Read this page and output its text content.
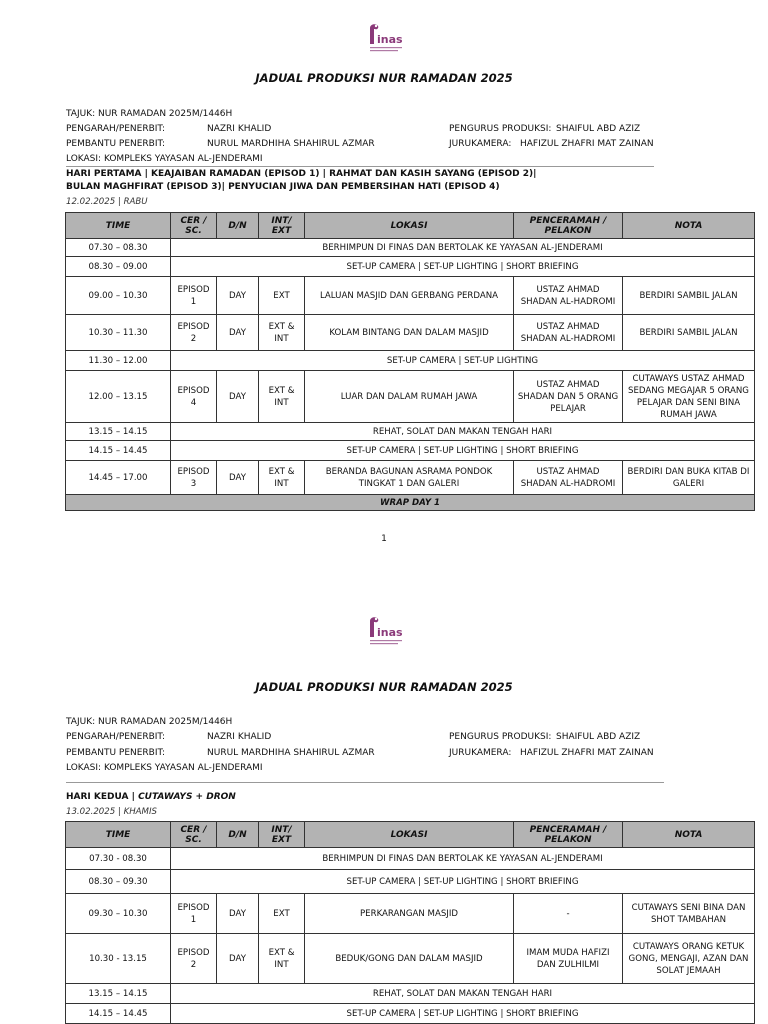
inas
JADUAL PRODUKSI NUR RAMADAN 2025
TAJUK: NUR RAMADAN 2025M/1446H
PENGARAH/PENERBIT:	NAZRI KHALID
PEMBANTU PENERBIT:	NURUL MARDHIHA SHAHIRUL AZMAR
LOKASI: KOMPLEKS YAYASAN AL-JENDERAMI
PENGURUS PRODUKSI: SHAIFUL ABD AZIZ
JURUKAMERA: HAFIZUL ZHAFRI MAT ZAINAN
HARI PERTAMA | KEAJAIBAN RAMADAN (EPISOD 1) | RAHMAT DAN KASIH SAYANG (EPISOD 2)|
BULAN MAGHFIRAT (EPISOD 3)| PENYUCIAN JIWA DAN PEMBERSIHAN HATI (EPISOD 4)
12.02.2025 | RABU
TIME	CER / SC.	D/N	INT/ EXT	LOKASI	PENCERAMAH / PELAKON	NOTA
07.30 – 08.30	BERHIMPUN DI FINAS DAN BERTOLAK KE YAYASAN AL-JENDERAMI					
08.30 – 09.00	SET-UP CAMERA | SET-UP LIGHTING | SHORT BRIEFING					
09.00 – 10.30	EPISOD 1	DAY	EXT	LALUAN MASJID DAN GERBANG PERDANA	USTAZ AHMAD SHADAN AL-HADROMI	BERDIRI SAMBIL JALAN
10.30 – 11.30	EPISOD 2	DAY	EXT & INT	KOLAM BINTANG DAN DALAM MASJID	USTAZ AHMAD SHADAN AL-HADROMI	BERDIRI SAMBIL JALAN
11.30 – 12.00	SET-UP CAMERA | SET-UP LIGHTING					
12.00 – 13.15	EPISOD 4	DAY	EXT & INT	LUAR DAN DALAM RUMAH JAWA	USTAZ AHMAD SHADAN DAN 5 ORANG PELAJAR	CUTAWAYS USTAZ AHMAD SEDANG MEGAJAR 5 ORANG PELAJAR DAN SENI BINA RUMAH JAWA
13.15 – 14.15	REHAT, SOLAT DAN MAKAN TENGAH HARI					
14.15 – 14.45	SET-UP CAMERA | SET-UP LIGHTING | SHORT BRIEFING					
14.45 – 17.00	EPISOD 3	DAY	EXT & INT	BERANDA BAGUNAN ASRAMA PONDOK TINGKAT 1 DAN GALERI	USTAZ AHMAD SHADAN AL-HADROMI	BERDIRI DAN BUKA KITAB DI GALERI
WRAP DAY 1						
1
inas
JADUAL PRODUKSI NUR RAMADAN 2025
TAJUK: NUR RAMADAN 2025M/1446H
PENGARAH/PENERBIT:	NAZRI KHALID
PEMBANTU PENERBIT:	NURUL MARDHIHA SHAHIRUL AZMAR
LOKASI: KOMPLEKS YAYASAN AL-JENDERAMI
PENGURUS PRODUKSI: SHAIFUL ABD AZIZ
JURUKAMERA: HAFIZUL ZHAFRI MAT ZAINAN
HARI KEDUA | CUTAWAYS + DRON
13.02.2025 | KHAMIS
TIME	CER / SC.	D/N	INT/ EXT	LOKASI	PENCERAMAH / PELAKON	NOTA
07.30 - 08.30	BERHIMPUN DI FINAS DAN BERTOLAK KE YAYASAN AL-JENDERAMI					
08.30 – 09.30	SET-UP CAMERA | SET-UP LIGHTING | SHORT BRIEFING					
09.30 – 10.30	EPISOD 1	DAY	EXT	PERKARANGAN MASJID	-	CUTAWAYS SENI BINA DAN SHOT TAMBAHAN
10.30 - 13.15	EPISOD 2	DAY	EXT & INT	BEDUK/GONG DAN DALAM MASJID	IMAM MUDA HAFIZI DAN ZULHILMI	CUTAWAYS ORANG KETUK GONG, MENGAJI, AZAN DAN SOLAT JEMAAH
13.15 – 14.15	REHAT, SOLAT DAN MAKAN TENGAH HARI					
14.15 – 14.45	SET-UP CAMERA | SET-UP LIGHTING | SHORT BRIEFING					
